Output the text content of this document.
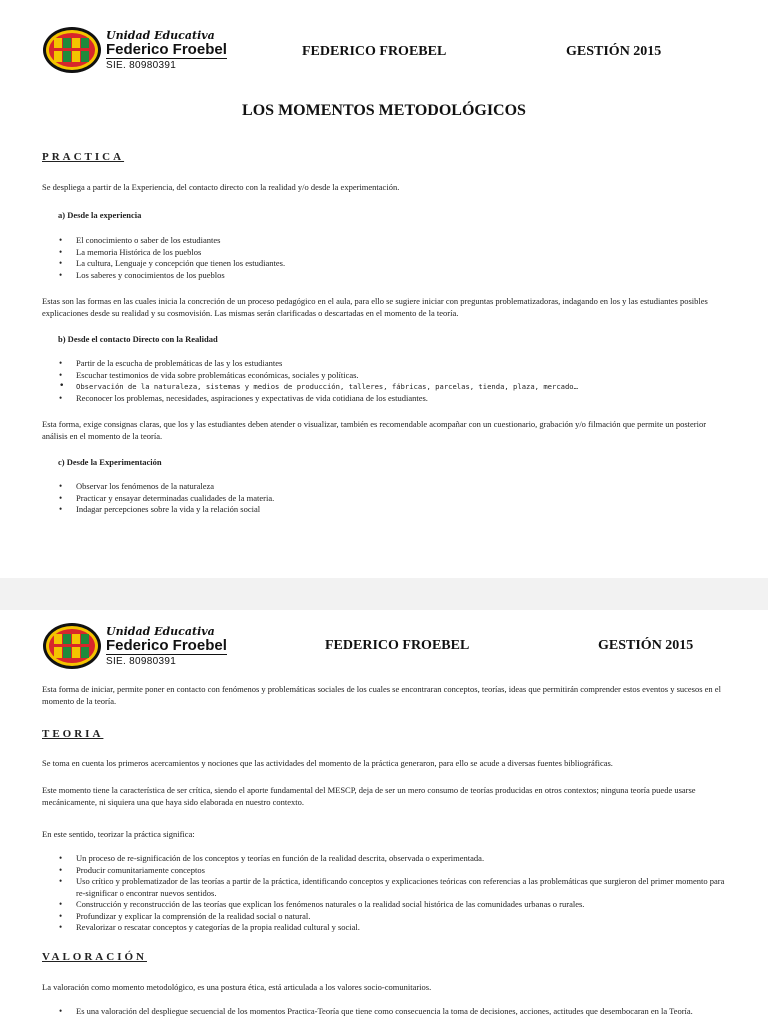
Unidad Educativa
Federico Froebel
SIE. 80980391
FEDERICO FROEBEL	GESTIÓN 2015
LOS MOMENTOS METODOLÓGICOS
PRACTICA

Se despliega a partir de la Experiencia, del contacto directo con la realidad y/o desde la experimentación.

a) Desde la experiencia
• El conocimiento o saber de los estudiantes
• La memoria Histórica de los pueblos
• La cultura, Lenguaje y concepción que tienen los estudiantes.
• Los saberes y conocimientos de los pueblos

Estas son las formas en las cuales inicia la concreción de un proceso pedagógico en el aula, para ello se sugiere iniciar con preguntas problematizadoras, indagando en los y las estudiantes posibles explicaciones desde su realidad y su cosmovisión. Las mismas serán clarificadas o descartadas en el momento de la teoría.

b) Desde el contacto Directo con la Realidad
• Partir de la escucha de problemáticas de las y los estudiantes
• Escuchar testimonios de vida sobre problemáticas económicas, sociales y políticas.
• Observación de la naturaleza, sistemas y medios de producción, talleres, fábricas, parcelas, tienda, plaza, mercado…
• Reconocer los problemas, necesidades, aspiraciones y expectativas de vida cotidiana de los estudiantes.

Esta forma, exige consignas claras, que los y las estudiantes deben atender o visualizar, también es recomendable acompañar con un cuestionario, grabación y/o filmación que permite un posterior análisis en el momento de la teoría.

c) Desde la Experimentación
• Observar los fenómenos de la naturaleza
• Practicar y ensayar determinadas cualidades de la materia.
• Indagar percepciones sobre la vida y la relación social
Unidad Educativa
Federico Froebel
SIE. 80980391
FEDERICO FROEBEL	GESTIÓN 2015

Esta forma de iniciar, permite poner en contacto con fenómenos y problemáticas sociales de los cuales se encontraran conceptos, teorías, ideas que permitirán comprender estos eventos y sucesos en el momento de la teoría.

TEORIA

Se toma en cuenta los primeros acercamientos y nociones que las actividades del momento de la práctica generaron, para ello se acude a diversas fuentes bibliográficas.

Este momento tiene la característica de ser crítica, siendo el aporte fundamental del MESCP, deja de ser un mero consumo de teorías producidas en otros contextos; ninguna teoría puede usarse mecánicamente, ni siquiera una que haya sido elaborada en nuestro contexto.

En este sentido, teorizar la práctica significa:

• Un proceso de re-significación de los conceptos y teorías en función de la realidad descrita, observada o experimentada.
• Producir comunitariamente conceptos
• Uso crítico y problematizador de las teorías a partir de la práctica, identificando conceptos y explicaciones teóricas con referencias a las problemáticas que surgieron del primer momento para re-significar o encontrar nuevos sentidos.
• Construcción y reconstrucción de las teorías que explican los fenómenos naturales o la realidad social histórica de las comunidades urbanas o rurales.
• Profundizar y explicar la comprensión de la realidad social o natural.
• Revalorizar o rescatar conceptos y categorías de la propia realidad cultural y social.
VALORACIÓN

La valoración como momento metodológico, es una postura ética, está articulada a los valores socio-comunitarios.

• Es una valoración del despliegue secuencial de los momentos Practica-Teoría que tiene como consecuencia la toma de decisiones, acciones, actitudes que desembocaran en la Teoría.
